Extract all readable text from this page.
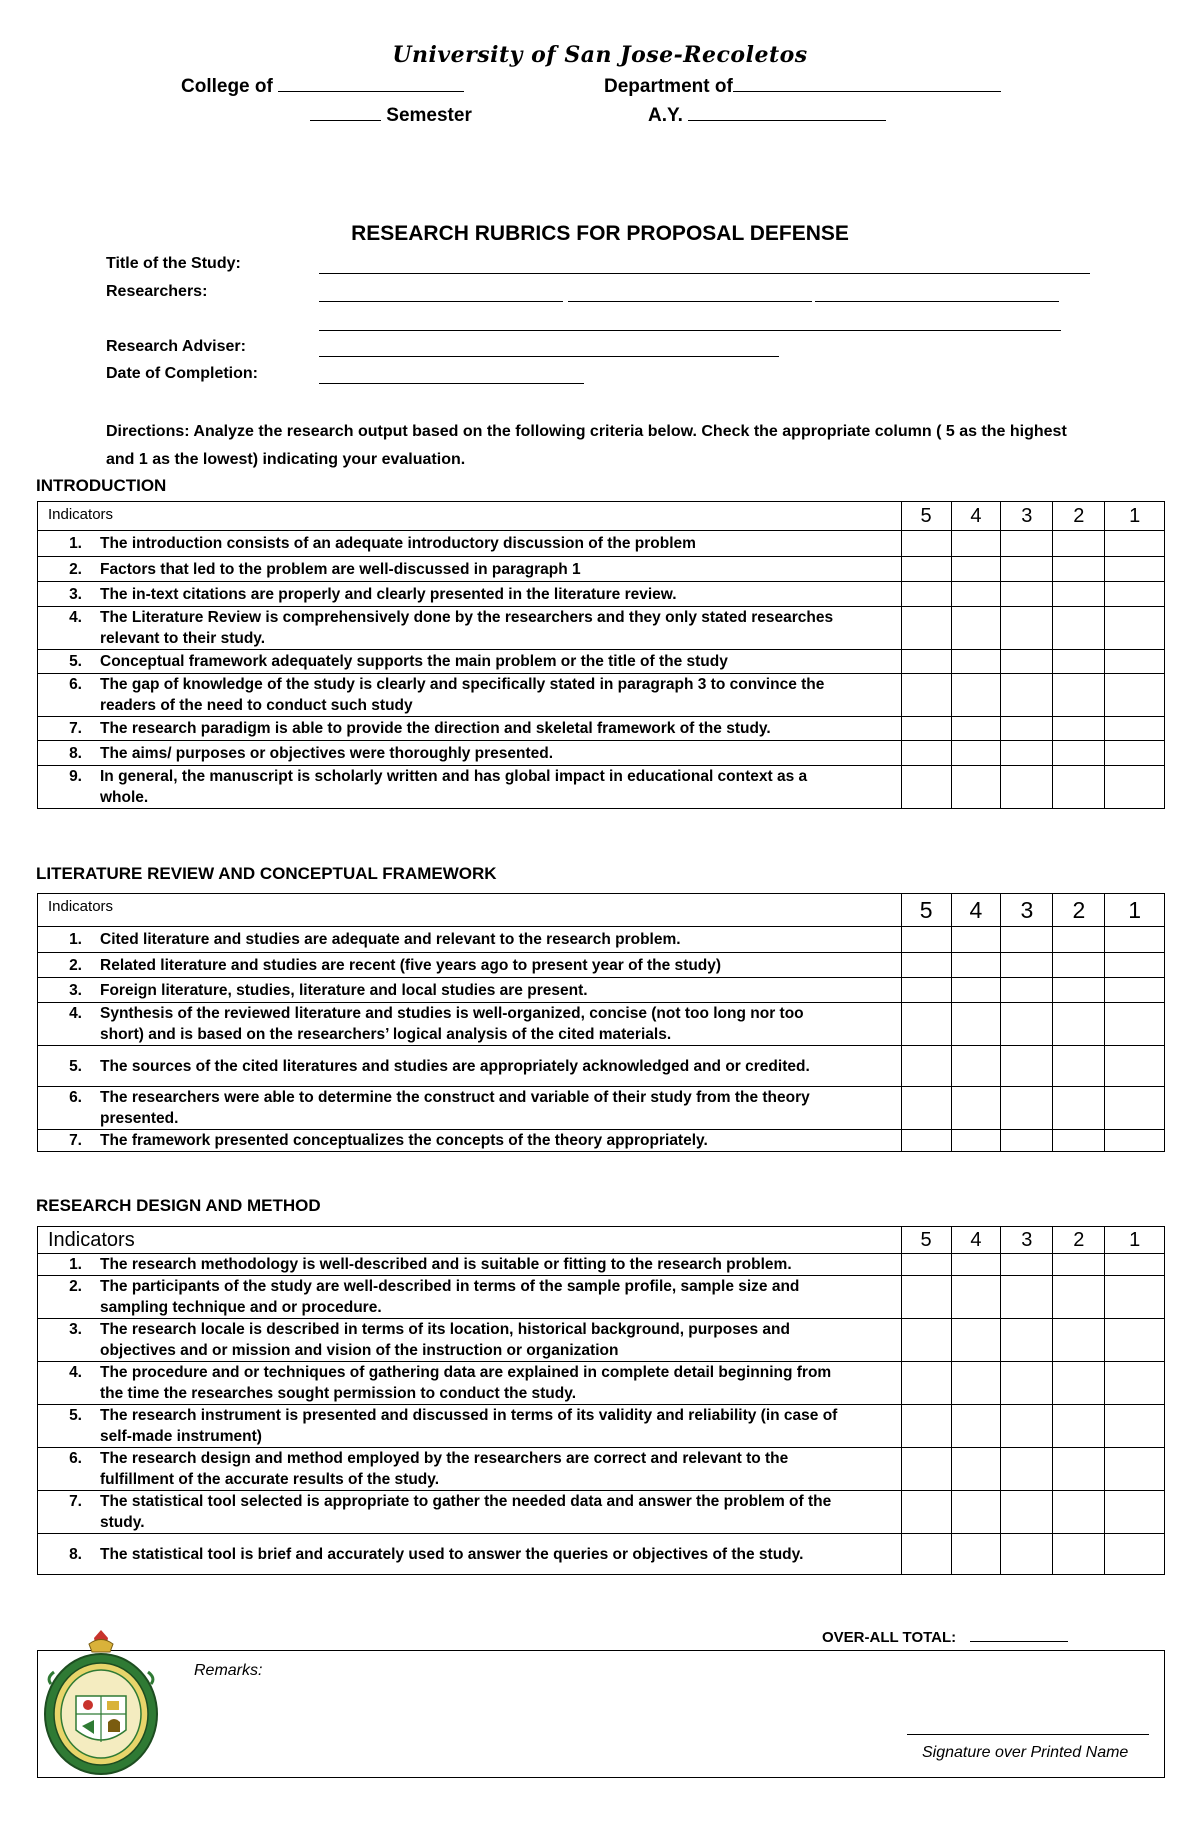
University of San Jose-Recoletos
College of	Department of
Semester	A.Y.
RESEARCH RUBRICS FOR PROPOSAL DEFENSE
Title of the Study:
Researchers:
Research Adviser:
Date of Completion:
Directions: Analyze the research output based on the following criteria below. Check the appropriate column ( 5 as the highest and 1 as the lowest) indicating your evaluation.
INTRODUCTION
LITERATURE REVIEW AND CONCEPTUAL FRAMEWORK
RESEARCH DESIGN AND METHOD
Indicators	5	4	3	2	1
1. The introduction consists of an adequate introductory discussion of the problem					
2. Factors that led to the problem are well-discussed in paragraph 1					
3. The in-text citations are properly and clearly presented in the literature review.					
4. The Literature Review is comprehensively done by the researchers and they only stated researches relevant to their study.					
5. Conceptual framework adequately supports the main problem or the title of the study					
6. The gap of knowledge of the study is clearly and specifically stated in paragraph 3 to convince the readers of the need to conduct such study					
7. The research paradigm is able to provide the direction and skeletal framework of the study.					
8. The aims/ purposes or objectives were thoroughly presented.					
9. In general, the manuscript is scholarly written and has global impact in educational context as a whole.					
Indicators	5	4	3	2	1
1. Cited literature and studies are adequate and relevant to the research problem.					
2. Related literature and studies are recent (five years ago to present year of the study)					
3. Foreign literature, studies, literature and local studies are present.					
4. Synthesis of the reviewed literature and studies is well-organized, concise (not too long nor too short) and is based on the researchers’ logical analysis of the cited materials.					
5. The sources of the cited literatures and studies are appropriately acknowledged and or credited.					
6. The researchers were able to determine the construct and variable of their study from the theory presented.					
7. The framework presented conceptualizes the concepts of the theory appropriately.					
Indicators	5	4	3	2	1
1. The research methodology is well-described and is suitable or fitting to the research problem.					
2. The participants of the study are well-described in terms of the sample profile, sample size and sampling technique and or procedure.					
3. The research locale is described in terms of its location, historical background, purposes and objectives and or mission and vision of the instruction or organization					
4. The procedure and or techniques of gathering data are explained in complete detail beginning from the time the researches sought permission to conduct the study.					
5. The research instrument is presented and discussed in terms of its validity and reliability (in case of self-made instrument)					
6. The research design and method employed by the researchers are correct and relevant to the fulfillment of the accurate results of the study.					
7. The statistical tool selected is appropriate to gather the needed data and answer the problem of the study.					
8. The statistical tool is brief and accurately used to answer the queries or objectives of the study.					
OVER-ALL TOTAL:
Remarks:
Signature over Printed Name
